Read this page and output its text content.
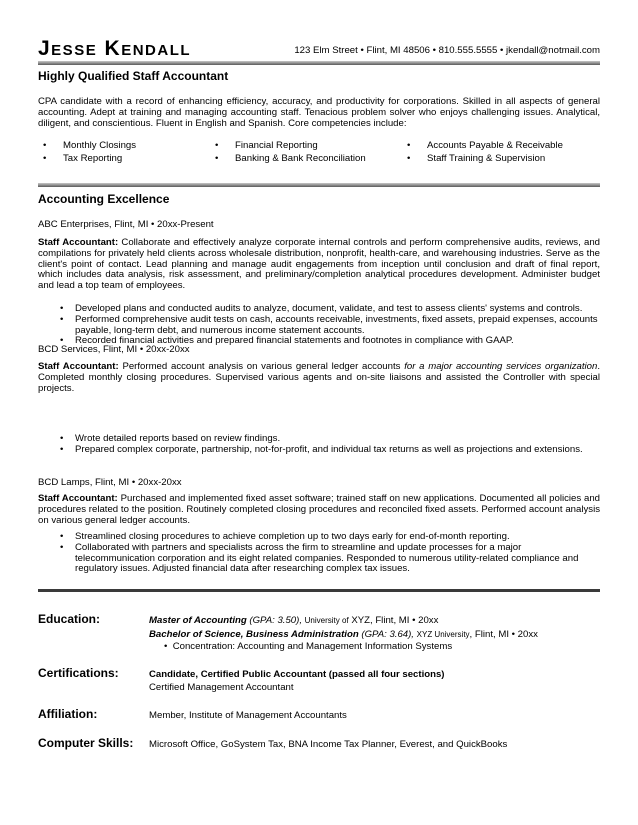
Jesse Kendall	123 Elm Street • Flint, MI 48506 • 810.555.5555 • jkendall@notmail.com
Highly Qualified Staff Accountant
CPA candidate with a record of enhancing efficiency, accuracy, and productivity for corporations. Skilled in all aspects of general accounting. Adept at training and managing accounting staff. Tenacious problem solver who enjoys challenging issues. Analytical, diligent, and conscientious. Fluent in English and Spanish. Core competencies include:
• Monthly Closings	• Financial Reporting	• Accounts Payable & Receivable
• Tax Reporting	• Banking & Bank Reconciliation	• Staff Training & Supervision
Accounting Excellence
ABC Enterprises, Flint, MI • 20xx-Present
Staff Accountant: Collaborate and effectively analyze corporate internal controls and perform comprehensive audits, reviews, and compilations for privately held clients across wholesale distribution, nonprofit, health-care, and warehousing industries. Serve as the client's point of contact. Lead planning and manage audit engagements from inception until conclusion and draft of final report, which includes data analysis, risk assessment, and preliminary/completion analytical procedures development. Administer budget and lead a top team of employees.
• Developed plans and conducted audits to analyze, document, validate, and test to assess clients' systems and controls.
• Performed comprehensive audit tests on cash, accounts receivable, investments, fixed assets, prepaid expenses, accounts payable, long-term debt, and numerous income statement accounts.
• Recorded financial activities and prepared financial statements and footnotes in compliance with GAAP.
BCD Services, Flint, MI • 20xx-20xx
Staff Accountant: Performed account analysis on various general ledger accounts for a major accounting services organization. Completed monthly closing procedures. Supervised various agents and on-site liaisons and assisted the Controller with special projects.
• Wrote detailed reports based on review findings.
• Prepared complex corporate, partnership, not-for-profit, and individual tax returns as well as projections and extensions.
BCD Lamps, Flint, MI • 20xx-20xx
Staff Accountant: Purchased and implemented fixed asset software; trained staff on new applications. Documented all policies and procedures related to the position. Routinely completed closing procedures and reconciled fixed assets. Performed account analysis on various general ledger accounts.
• Streamlined closing procedures to achieve completion up to two days early for end-of-month reporting.
• Collaborated with partners and specialists across the firm to streamline and update processes for a major telecommunication corporation and its eight related companies. Responded to numerous utility-related compliance and regulatory issues. Adjusted financial data after researching complex tax issues.
Education:	Master of Accounting (GPA: 3.50), University of XYZ, Flint, MI • 20xx
Bachelor of Science, Business Administration (GPA: 3.64), XYZ University, Flint, MI • 20xx
• Concentration: Accounting and Management Information Systems
Certifications:	Candidate, Certified Public Accountant (passed all four sections)
Certified Management Accountant
Affiliation:	Member, Institute of Management Accountants
Computer Skills: Microsoft Office, GoSystem Tax, BNA Income Tax Planner, Everest, and QuickBooks
